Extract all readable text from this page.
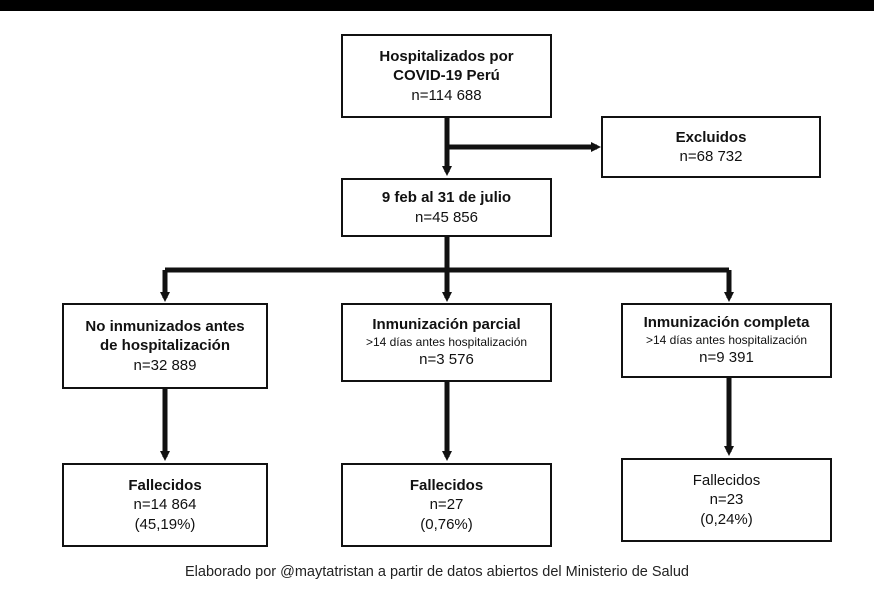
Hospitalizados por
COVID-19 Perú
n=114 688
Excluidos
n=68 732
9 feb al 31 de julio
n=45 856
No inmunizados antes
de hospitalización
n=32 889
Inmunización parcial
>14 días antes hospitalización
n=3 576
Inmunización completa
>14 días antes hospitalización
n=9 391
Fallecidos
n=14 864
(45,19%)
Fallecidos
n=27
(0,76%)
Fallecidos
n=23
(0,24%)
Elaborado por @maytatristan a partir de datos abiertos del Ministerio de Salud
